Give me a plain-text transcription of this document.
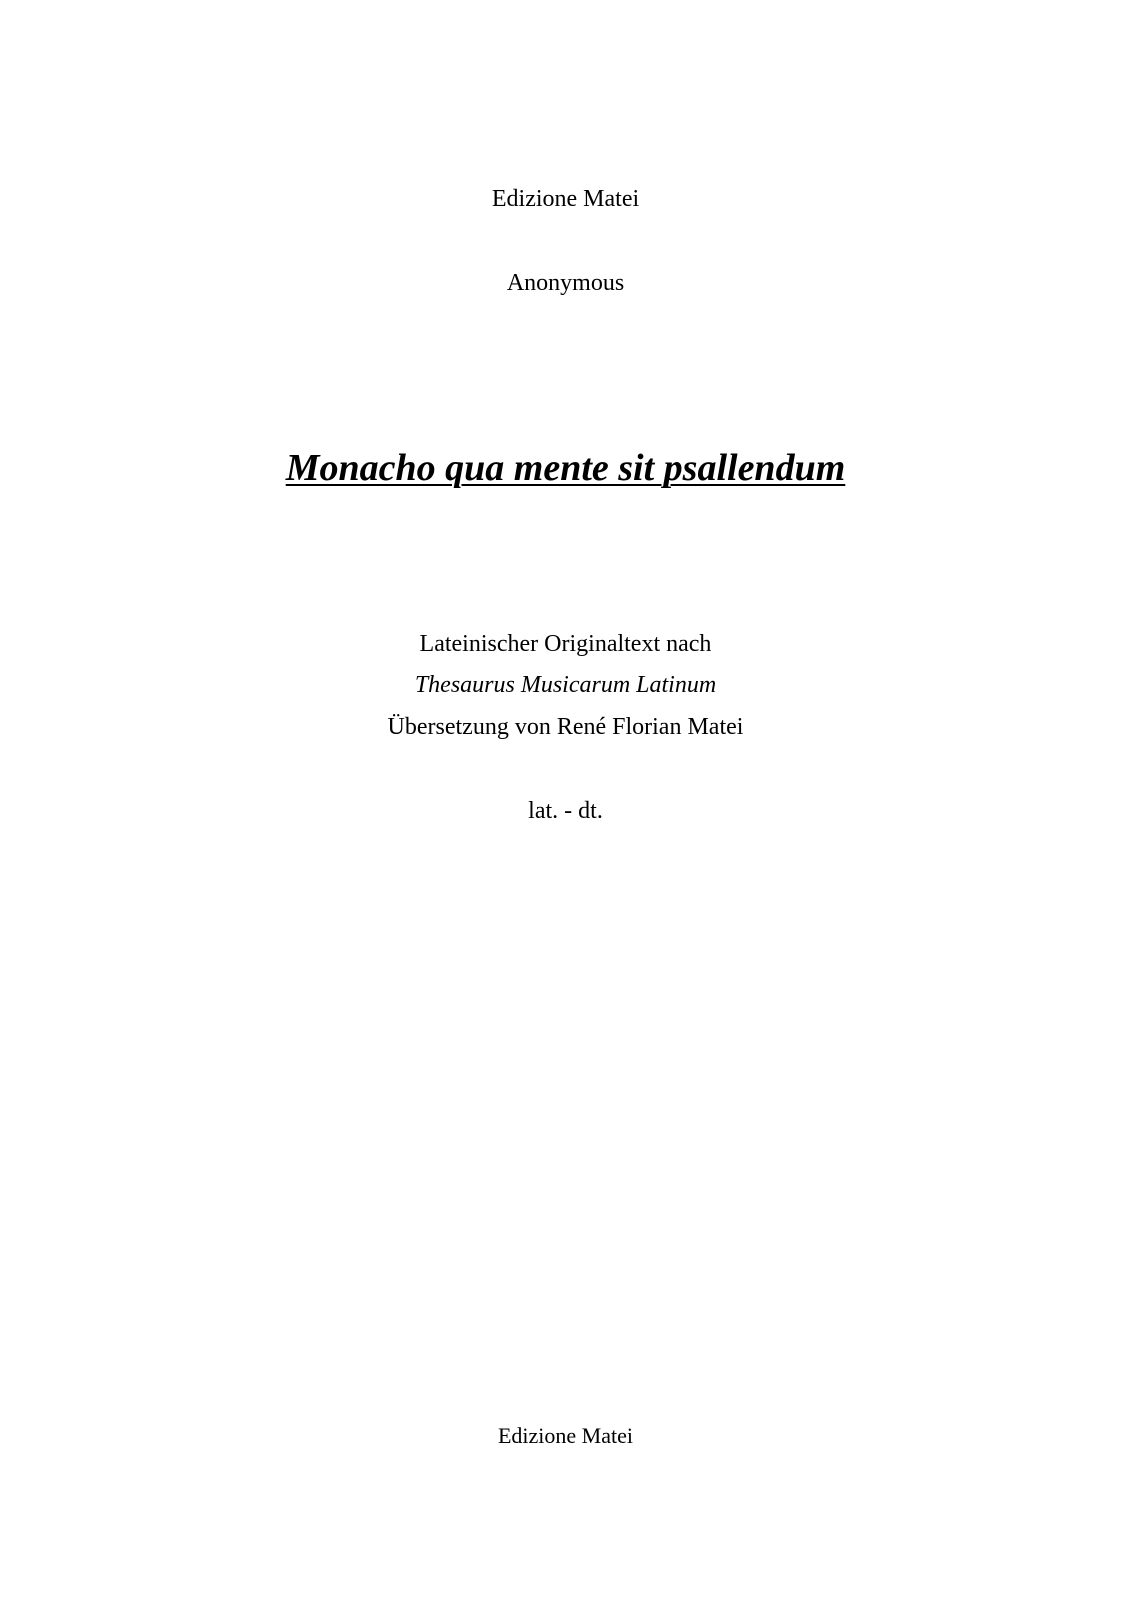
Edizione Matei
Anonymous
Monacho qua mente sit psallendum
Lateinischer Originaltext nach
Thesaurus Musicarum Latinum
Übersetzung von René Florian Matei
lat. - dt.
Edizione Matei
